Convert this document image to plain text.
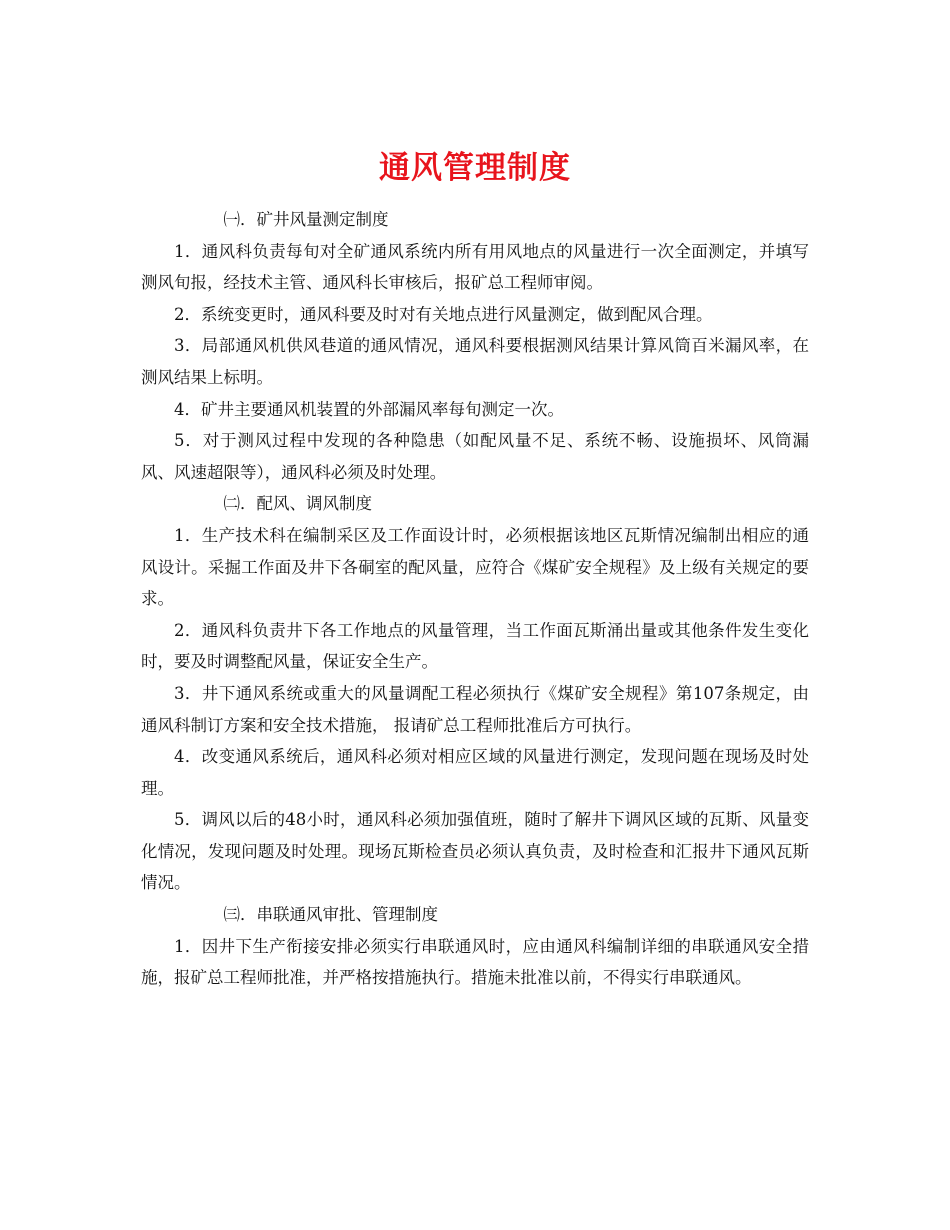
通风管理制度

㈠．矿井风量测定制度

1．通风科负责每旬对全矿通风系统内所有用风地点的风量进行一次全面测定，并填写测风旬报，经技术主管、通风科长审核后，报矿总工程师审阅。

2．系统变更时，通风科要及时对有关地点进行风量测定，做到配风合理。

3．局部通风机供风巷道的通风情况，通风科要根据测风结果计算风筒百米漏风率，在测风结果上标明。

4．矿井主要通风机装置的外部漏风率每旬测定一次。

5．对于测风过程中发现的各种隐患（如配风量不足、系统不畅、设施损坏、风筒漏风、风速超限等），通风科必须及时处理。

㈡．配风、调风制度

1．生产技术科在编制采区及工作面设计时，必须根据该地区瓦斯情况编制出相应的通风设计。采掘工作面及井下各硐室的配风量，应符合《煤矿安全规程》及上级有关规定的要求。

2．通风科负责井下各工作地点的风量管理，当工作面瓦斯涌出量或其他条件发生变化时，要及时调整配风量，保证安全生产。

3．井下通风系统或重大的风量调配工程必须执行《煤矿安全规程》第107条规定，由通风科制订方案和安全技术措施， 报请矿总工程师批准后方可执行。

4．改变通风系统后，通风科必须对相应区域的风量进行测定，发现问题在现场及时处理。

5．调风以后的48小时，通风科必须加强值班，随时了解井下调风区域的瓦斯、风量变化情况，发现问题及时处理。现场瓦斯检查员必须认真负责，及时检查和汇报井下通风瓦斯情况。

㈢．串联通风审批、管理制度

1．因井下生产衔接安排必须实行串联通风时，应由通风科编制详细的串联通风安全措施，报矿总工程师批准，并严格按措施执行。措施未批准以前，不得实行串联通风。
